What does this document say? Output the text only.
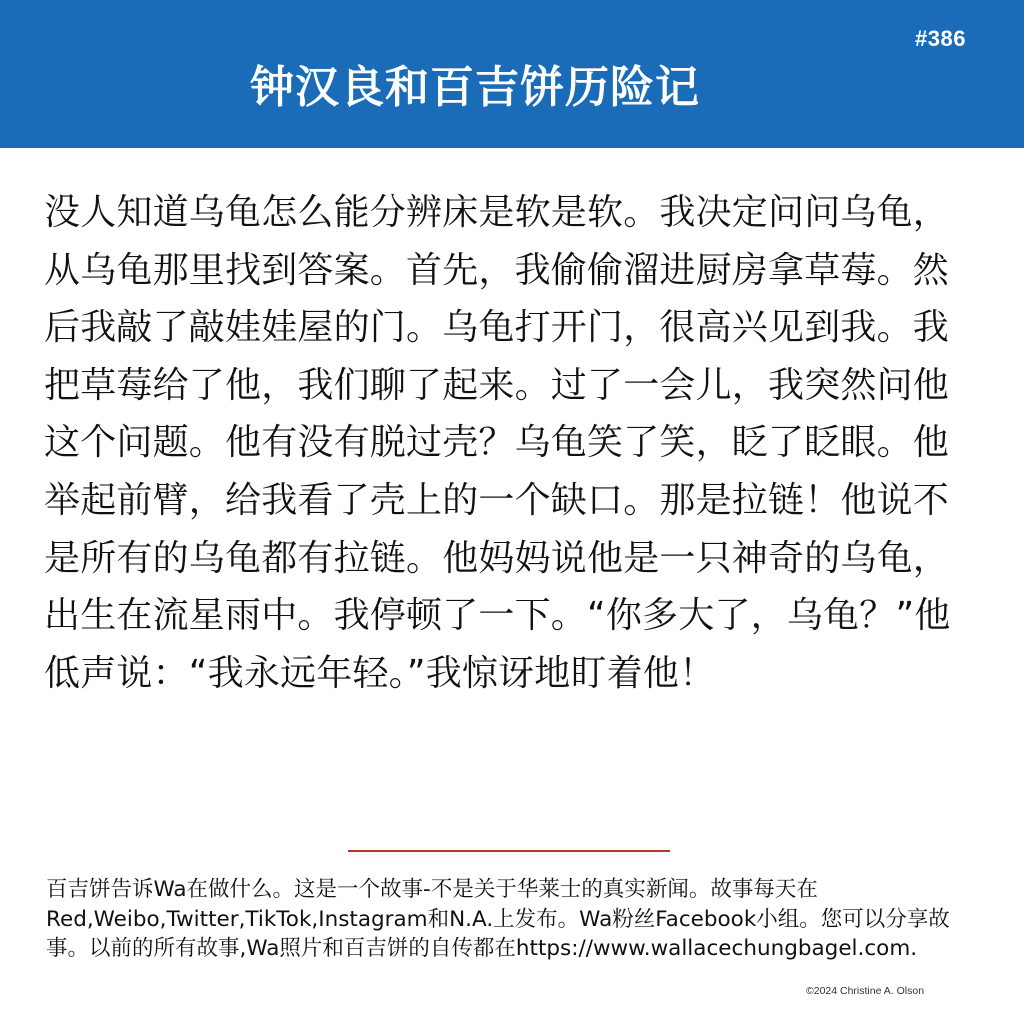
#386
钟汉良和百吉饼历险记

没人知道乌龟怎么能分辨床是软是软。我决定问问乌龟，从乌龟那里找到答案。首先，我偷偷溜进厨房拿草莓。然后我敲了敲娃娃屋的门。乌龟打开门，很高兴见到我。我把草莓给了他，我们聊了起来。过了一会儿，我突然问他这个问题。他有没有脱过壳？乌龟笑了笑，眨了眨眼。他举起前臂，给我看了壳上的一个缺口。那是拉链！他说不是所有的乌龟都有拉链。他妈妈说他是一只神奇的乌龟，出生在流星雨中。我停顿了一下。“你多大了，乌龟？”他低声说：“我永远年轻。”我惊讶地盯着他！

百吉饼告诉Wa在做什么。这是一个故事-不是关于华莱士的真实新闻。故事每天在Red,Weibo,Twitter,TikTok,Instagram和N.A.上发布。Wa粉丝Facebook小组。您可以分享故事。以前的所有故事,Wa照片和百吉饼的自传都在https://www.wallacechungbagel.com.

©2024 Christine A. Olson
